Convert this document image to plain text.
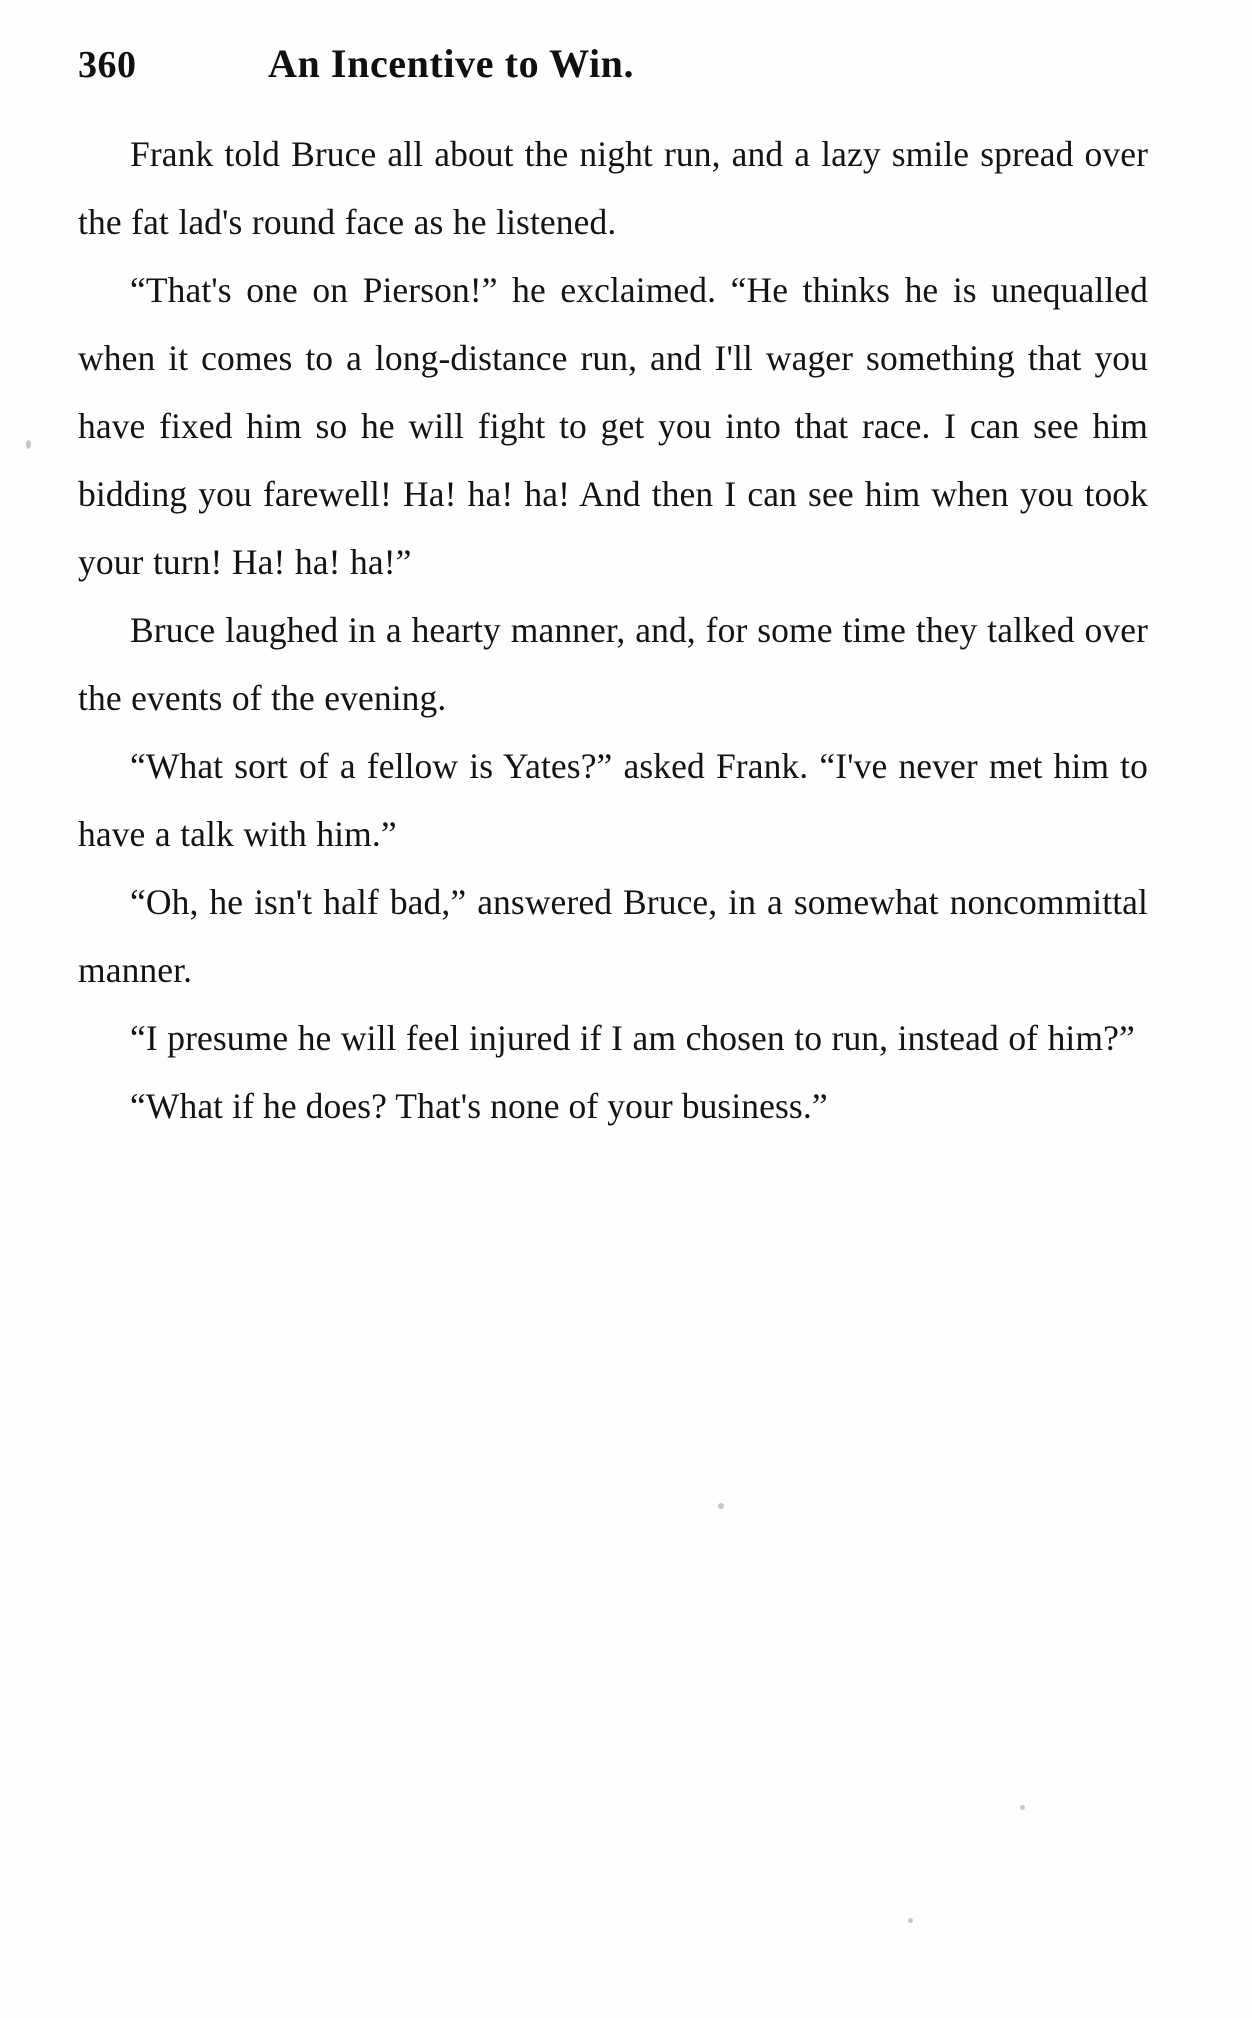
360	An Incentive to Win.

Frank told Bruce all about the night run, and a lazy smile spread over the fat lad's round face as he listened.

“That's one on Pierson!” he exclaimed. “He thinks he is unequalled when it comes to a long-distance run, and I'll wager something that you have fixed him so he will fight to get you into that race. I can see him bidding you farewell! Ha! ha! ha! And then I can see him when you took your turn! Ha! ha! ha!”

Bruce laughed in a hearty manner, and, for some time they talked over the events of the evening.

“What sort of a fellow is Yates?” asked Frank. “I've never met him to have a talk with him.”

“Oh, he isn't half bad,” answered Bruce, in a somewhat noncommittal manner.

“I presume he will feel injured if I am chosen to run, instead of him?”

“What if he does? That's none of your business.”
